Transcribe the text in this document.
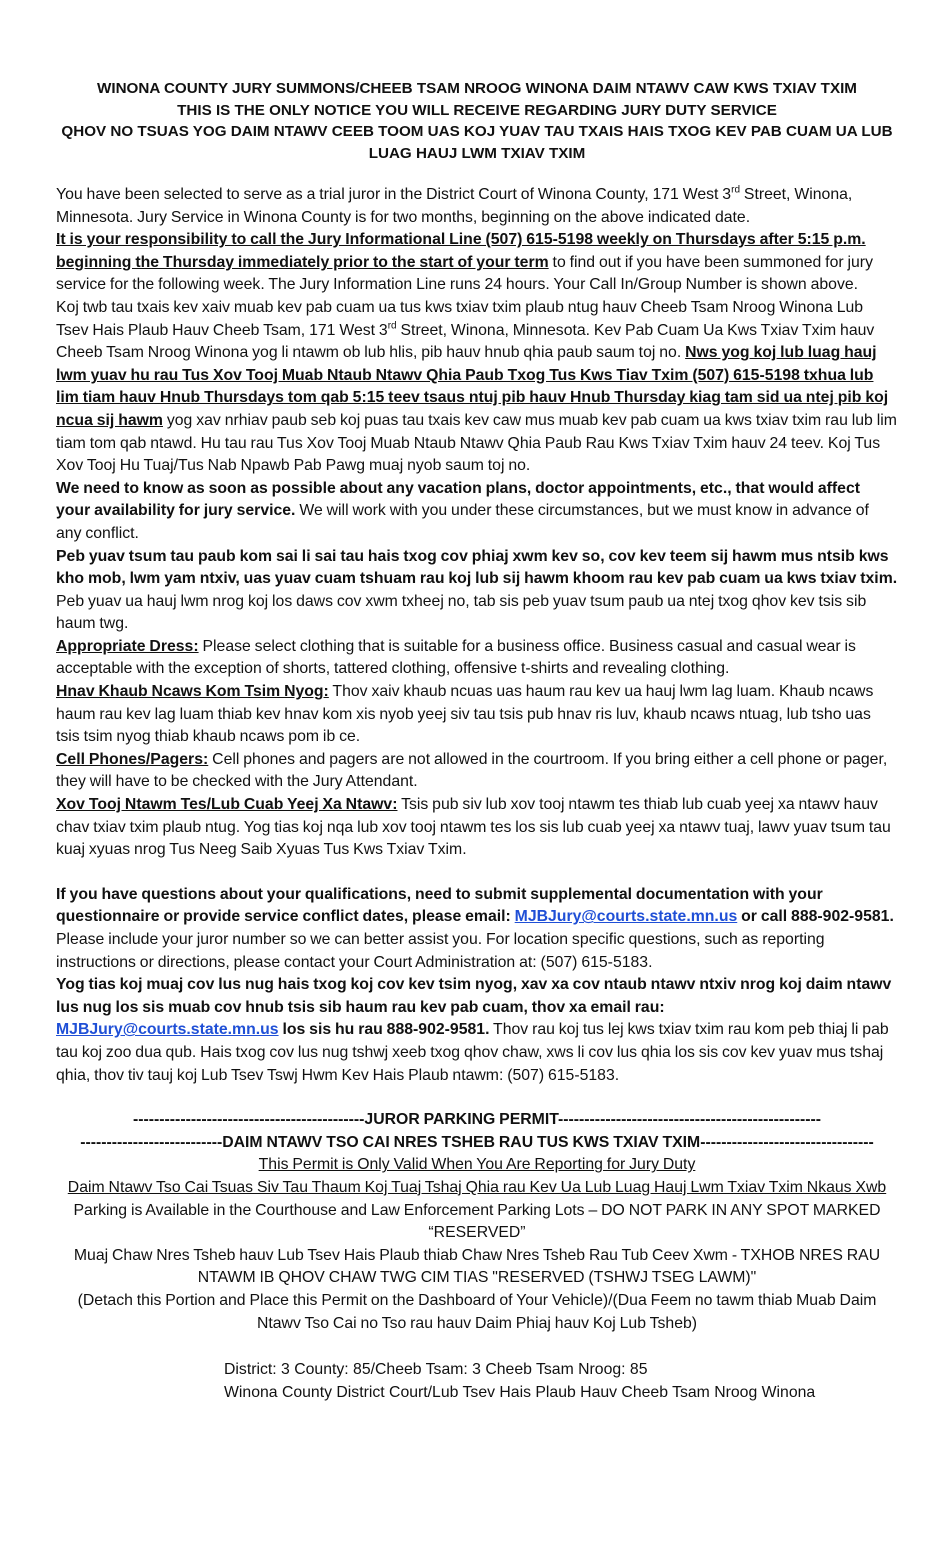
WINONA COUNTY JURY SUMMONS/CHEEB TSAM NROOG WINONA DAIM NTAWV CAW KWS TXIAV TXIM
THIS IS THE ONLY NOTICE YOU WILL RECEIVE REGARDING JURY DUTY SERVICE
QHOV NO TSUAS YOG DAIM NTAWV CEEB TOOM UAS KOJ YUAV TAU TXAIS HAIS TXOG KEV PAB CUAM UA LUB LUAG HAUJ LWM TXIAV TXIM

You have been selected to serve as a trial juror in the District Court of Winona County, 171 West 3rd Street, Winona, Minnesota. Jury Service in Winona County is for two months, beginning on the above indicated date.
It is your responsibility to call the Jury Informational Line (507) 615-5198 weekly on Thursdays after 5:15 p.m. beginning the Thursday immediately prior to the start of your term to find out if you have been summoned for jury service for the following week. The Jury Information Line runs 24 hours. Your Call In/Group Number is shown above.

Koj twb tau txais kev xaiv muab kev pab cuam ua tus kws txiav txim plaub ntug hauv Cheeb Tsam Nroog Winona Lub Tsev Hais Plaub Hauv Cheeb Tsam, 171 West 3rd Street, Winona, Minnesota. Kev Pab Cuam Ua Kws Txiav Txim hauv Cheeb Tsam Nroog Winona yog li ntawm ob lub hlis, pib hauv hnub qhia paub saum toj no. Nws yog koj lub luag hauj lwm yuav hu rau Tus Xov Tooj Muab Ntaub Ntawv Qhia Paub Txog Tus Kws Tiav Txim (507) 615-5198 txhua lub lim tiam hauv Hnub Thursdays tom qab 5:15 teev tsaus ntuj pib hauv Hnub Thursday kiag tam sid ua ntej pib koj ncua sij hawm yog xav nrhiav paub seb koj puas tau txais kev caw mus muab kev pab cuam ua kws txiav txim rau lub lim tiam tom qab ntawd. Hu tau rau Tus Xov Tooj Muab Ntaub Ntawv Qhia Paub Rau Kws Txiav Txim hauv 24 teev. Koj Tus Xov Tooj Hu Tuaj/Tus Nab Npawb Pab Pawg muaj nyob saum toj no.

We need to know as soon as possible about any vacation plans, doctor appointments, etc., that would affect your availability for jury service. We will work with you under these circumstances, but we must know in advance of any conflict.

Peb yuav tsum tau paub kom sai li sai tau hais txog cov phiaj xwm kev so, cov kev teem sij hawm mus ntsib kws kho mob, lwm yam ntxiv, uas yuav cuam tshuam rau koj lub sij hawm khoom rau kev pab cuam ua kws txiav txim. Peb yuav ua hauj lwm nrog koj los daws cov xwm txheej no, tab sis peb yuav tsum paub ua ntej txog qhov kev tsis sib haum twg.

Appropriate Dress: Please select clothing that is suitable for a business office. Business casual and casual wear is acceptable with the exception of shorts, tattered clothing, offensive t-shirts and revealing clothing.

Hnav Khaub Ncaws Kom Tsim Nyog: Thov xaiv khaub ncuas uas haum rau kev ua hauj lwm lag luam. Khaub ncaws haum rau kev lag luam thiab kev hnav kom xis nyob yeej siv tau tsis pub hnav ris luv, khaub ncaws ntuag, lub tsho uas tsis tsim nyog thiab khaub ncaws pom ib ce.

Cell Phones/Pagers: Cell phones and pagers are not allowed in the courtroom. If you bring either a cell phone or pager, they will have to be checked with the Jury Attendant.

Xov Tooj Ntawm Tes/Lub Cuab Yeej Xa Ntawv: Tsis pub siv lub xov tooj ntawm tes thiab lub cuab yeej xa ntawv hauv chav txiav txim plaub ntug. Yog tias koj nqa lub xov tooj ntawm tes los sis lub cuab yeej xa ntawv tuaj, lawv yuav tsum tau kuaj xyuas nrog Tus Neeg Saib Xyuas Tus Kws Txiav Txim.

If you have questions about your qualifications, need to submit supplemental documentation with your questionnaire or provide service conflict dates, please email: MJBJury@courts.state.mn.us or call 888-902-9581. Please include your juror number so we can better assist you. For location specific questions, such as reporting instructions or directions, please contact your Court Administration at: (507) 615-5183.

Yog tias koj muaj cov lus nug hais txog koj cov kev tsim nyog, xav xa cov ntaub ntawv ntxiv nrog koj daim ntawv lus nug los sis muab cov hnub tsis sib haum rau kev pab cuam, thov xa email rau:
MJBJury@courts.state.mn.us los sis hu rau 888-902-9581. Thov rau koj tus lej kws txiav txim rau kom peb thiaj li pab tau koj zoo dua qub. Hais txog cov lus nug tshwj xeeb txog qhov chaw, xws li cov lus qhia los sis cov kev yuav mus tshaj qhia, thov tiv tauj koj Lub Tsev Tswj Hwm Kev Hais Plaub ntawm: (507) 615-5183.

--------------------------------------------JUROR PARKING PERMIT--------------------------------------------------

---------------------------DAIM NTAWV TSO CAI NRES TSHEB RAU TUS KWS TXIAV TXIM---------------------------------

This Permit is Only Valid When You Are Reporting for Jury Duty

Daim Ntawv Tso Cai Tsuas Siv Tau Thaum Koj Tuaj Tshaj Qhia rau Kev Ua Lub Luag Hauj Lwm Txiav Txim Nkaus Xwb

Parking is Available in the Courthouse and Law Enforcement Parking Lots – DO NOT PARK IN ANY SPOT MARKED “RESERVED”

Muaj Chaw Nres Tsheb hauv Lub Tsev Hais Plaub thiab Chaw Nres Tsheb Rau Tub Ceev Xwm - TXHOB NRES RAU NTAWM IB QHOV CHAW TWG CIM TIAS "RESERVED (TSHWJ TSEG LAWM)"

(Detach this Portion and Place this Permit on the Dashboard of Your Vehicle)/(Dua Feem no tawm thiab Muab Daim Ntawv Tso Cai no Tso rau hauv Daim Phiaj hauv Koj Lub Tsheb)

District: 3 County: 85/Cheeb Tsam: 3 Cheeb Tsam Nroog: 85

Winona County District Court/Lub Tsev Hais Plaub Hauv Cheeb Tsam Nroog Winona
